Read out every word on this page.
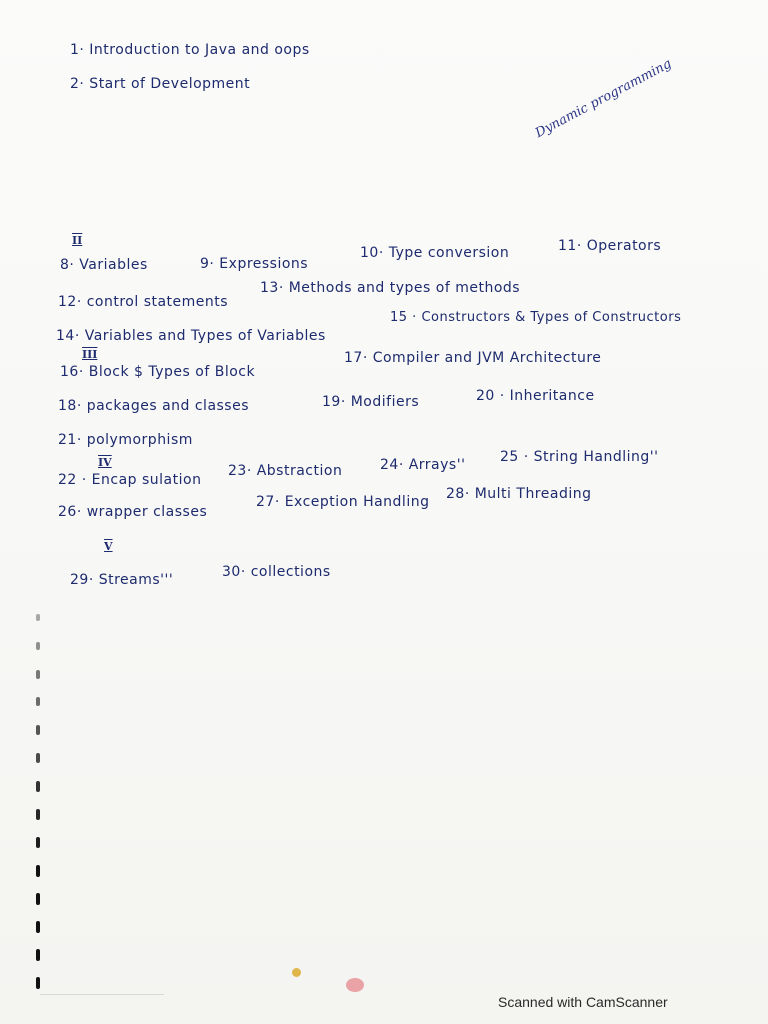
1· Introduction to Java and oops
2· Start of Development	Dynamic programming
II
8· Variables	9· Expressions
10· Type conversion	11· Operators
12· control statements
13· Methods and types of methods
14· Variables and Types of Variables
15 · Constructors & Types of Constructors
III
16· Block $ Types of Block
17· Compiler and JVM Architecture
18· packages and classes	19· Modifiers	20 · Inheritance
21· polymorphism
IV
22 · Encap sulation
23· Abstraction	24· Arrays'' 25 · String Handling''
26· wrapper classes
27· Exception Handling 28· Multi Threading
V
29· Streams'''	30· collections
Scanned with CamScanner
